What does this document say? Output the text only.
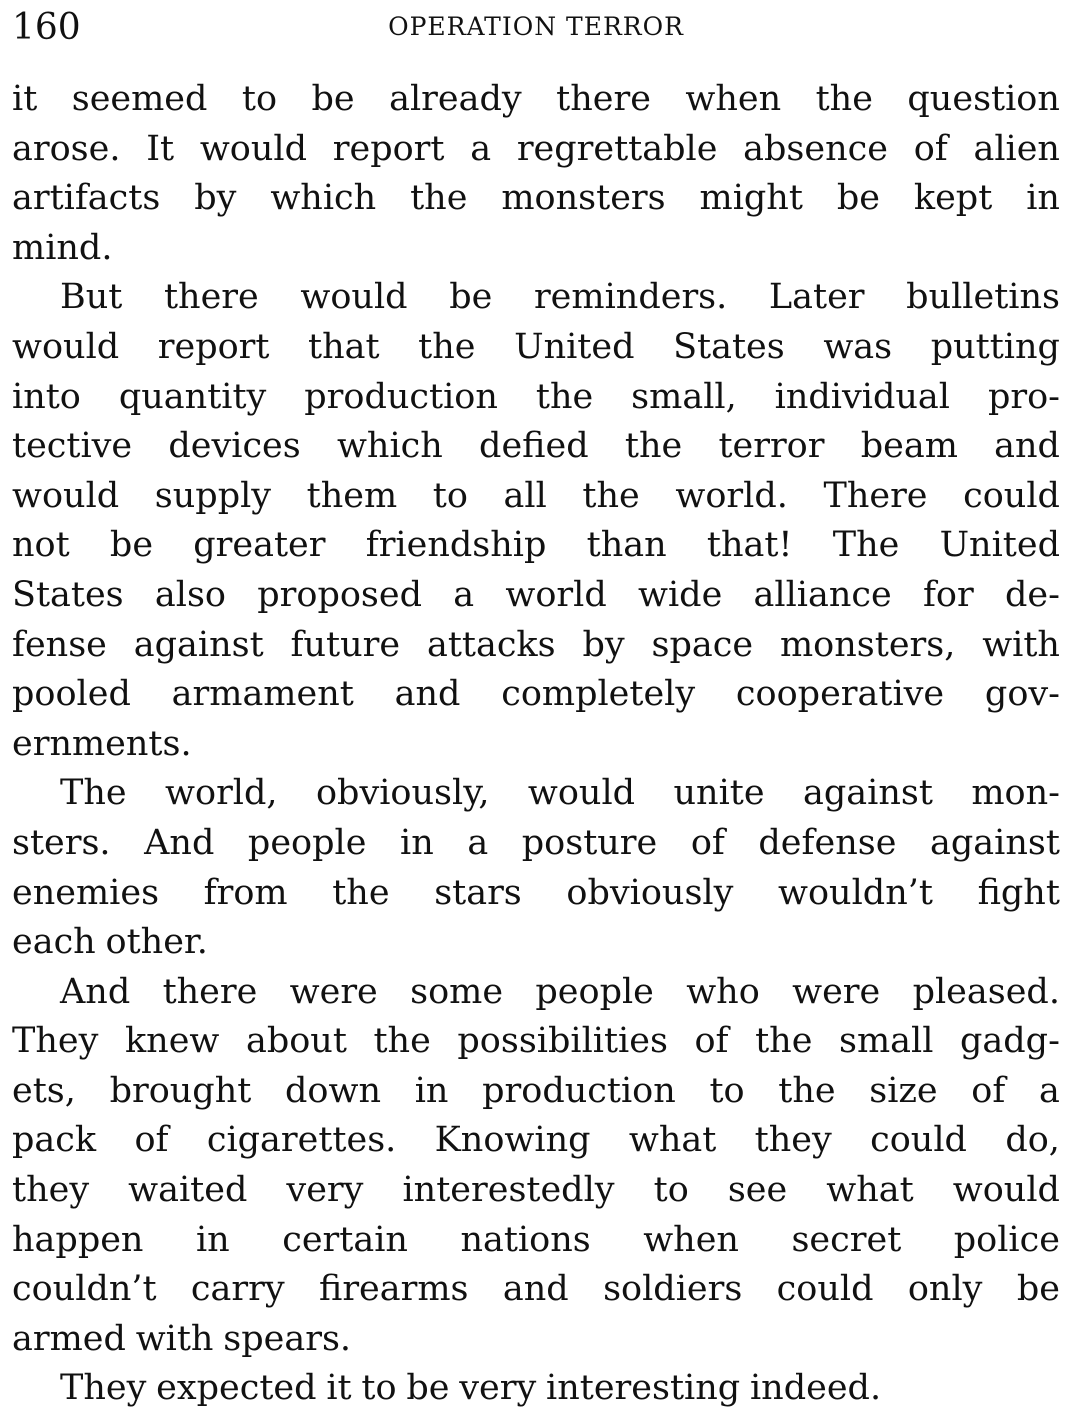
160	OPERATION TERROR
it seemed to be already there when the question
arose. It would report a regrettable absence of alien
artifacts by which the monsters might be kept in
mind.
But there would be reminders. Later bulletins
would report that the United States was putting
into quantity production the small, individual pro-
tective devices which defied the terror beam and
would supply them to all the world. There could
not be greater friendship than that! The United
States also proposed a world wide alliance for de-
fense against future attacks by space monsters, with
pooled armament and completely cooperative gov-
ernments.
The world, obviously, would unite against mon-
sters. And people in a posture of defense against
enemies from the stars obviously wouldn’t fight
each other.
And there were some people who were pleased.
They knew about the possibilities of the small gadg-
ets, brought down in production to the size of a
pack of cigarettes. Knowing what they could do,
they waited very interestedly to see what would
happen in certain nations when secret police
couldn’t carry firearms and soldiers could only be
armed with spears.
They expected it to be very interesting indeed.
